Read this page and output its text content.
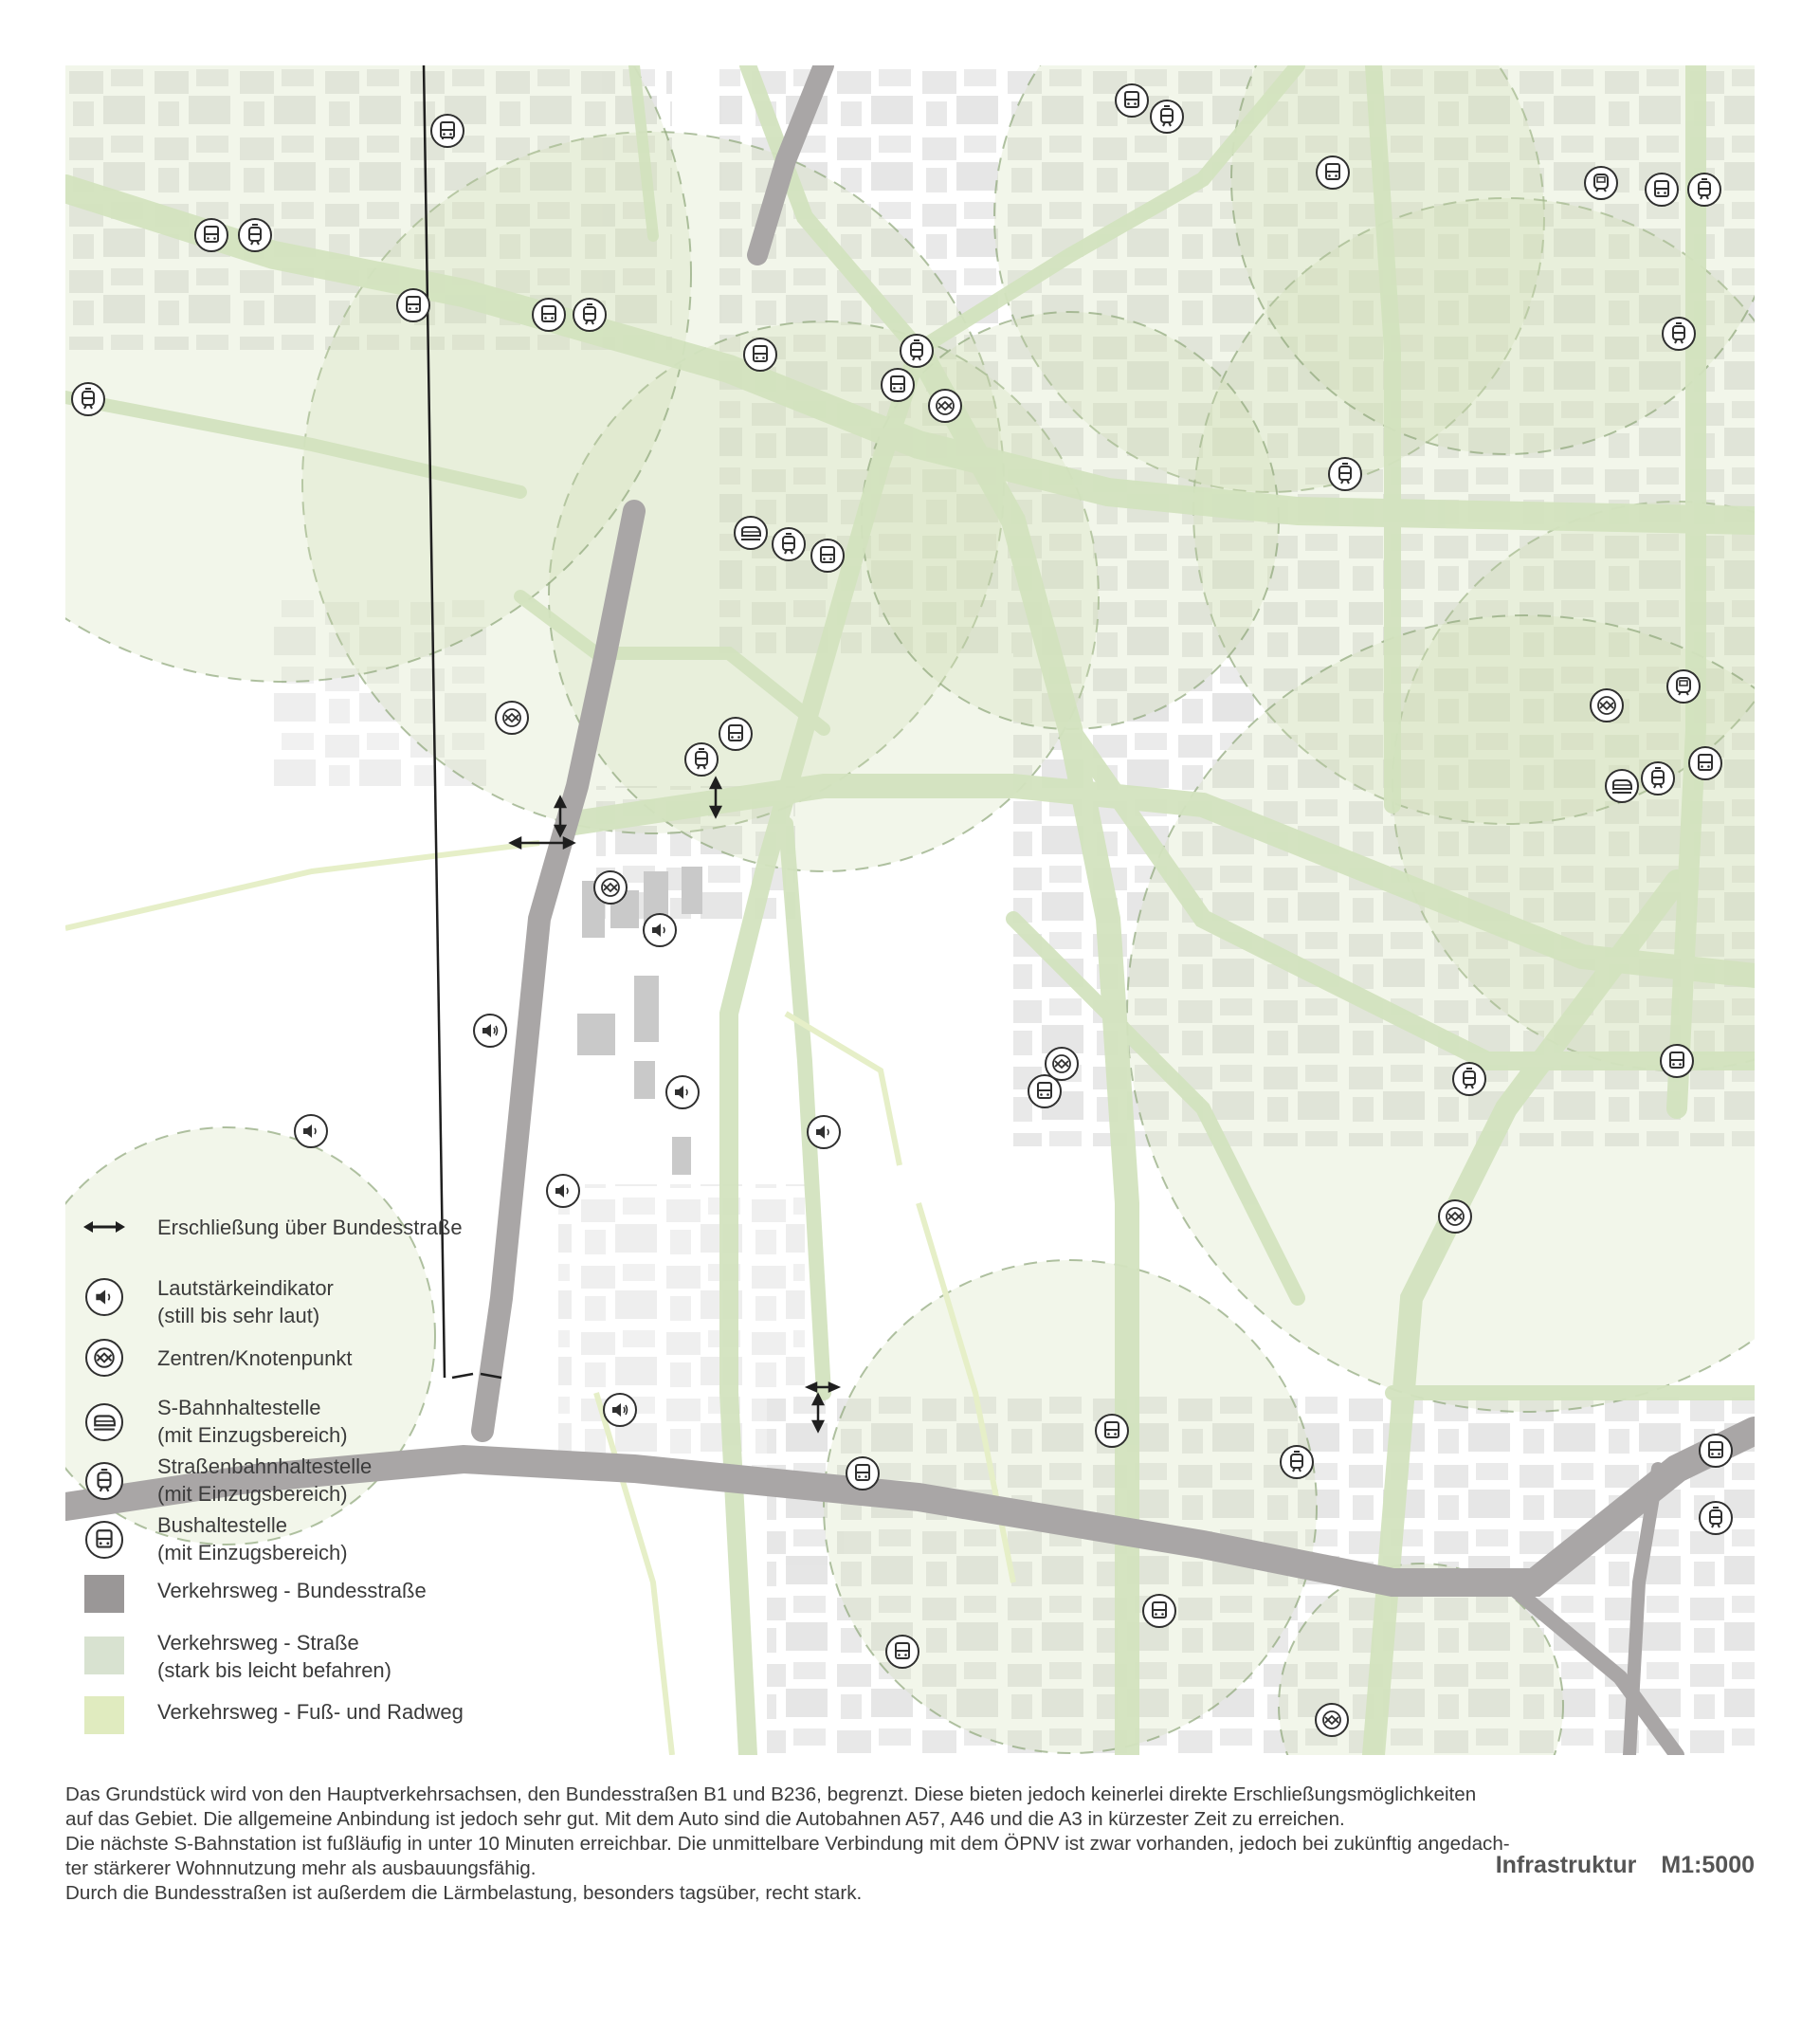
Erschließung über Bundesstraße
Lautstärkeindikator
(still bis sehr laut)
Zentren/Knotenpunkt
S-Bahnhaltestelle
(mit Einzugsbereich)
Straßenbahnhaltestelle
(mit Einzugsbereich)
Bushaltestelle
(mit Einzugsbereich)
Verkehrsweg - Bundesstraße
Verkehrsweg - Straße
(stark bis leicht befahren)
Verkehrsweg - Fuß- und Radweg

Das Grundstück wird von den Hauptverkehrsachsen, den Bundesstraßen B1 und B236, begrenzt. Diese bieten jedoch keinerlei direkte Erschließungsmöglichkeiten

auf das Gebiet. Die allgemeine Anbindung ist jedoch sehr gut. Mit dem Auto sind die Autobahnen A57, A46 und die A3 in kürzester Zeit zu erreichen.

Die nächste S-Bahnstation ist fußläufig in unter 10 Minuten erreichbar. Die unmittelbare Verbindung mit dem ÖPNV ist zwar vorhanden, jedoch bei zukünftig angedach-

ter stärkerer Wohnnutzung mehr als ausbauungsfähig.

Durch die Bundesstraßen ist außerdem die Lärmbelastung, besonders tagsüber, recht stark.

Infrastruktur M1:5000
